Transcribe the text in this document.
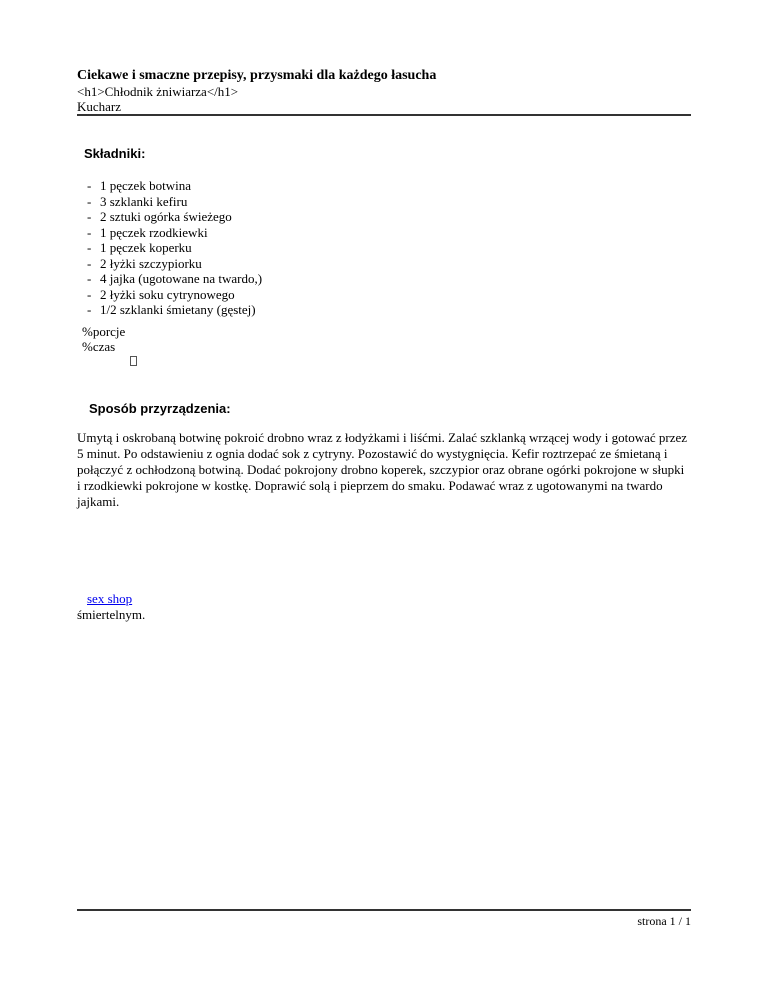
Ciekawe i smaczne przepisy, przysmaki dla każdego łasucha
<h1>Chłodnik żniwiarza</h1>
Kucharz
Składniki:
- 1 pęczek botwina
- 3 szklanki kefiru
- 2 sztuki ogórka świeżego
- 1 pęczek rzodkiewki
- 1 pęczek koperku
- 2 łyżki szczypiorku
- 4 jajka (ugotowane na twardo,)
- 2 łyżki soku cytrynowego
- 1/2 szklanki śmietany (gęstej)
%porcje
%czas
Sposób przyrządzenia:

Umytą i oskrobaną botwinę pokroić drobno wraz z łodyżkami i liśćmi. Zalać szklanką wrzącej wody i gotować przez 5 minut. Po odstawieniu z ognia dodać sok z cytryny. Pozostawić do wystygnięcia. Kefir roztrzepać ze śmietaną i połączyć z ochłodzoną botwiną. Dodać pokrojony drobno koperek, szczypior oraz obrane ogórki pokrojone w słupki i rzodkiewki pokrojone w kostkę. Doprawić solą i pieprzem do smaku. Podawać wraz z ugotowanymi na twardo jajkami.

sex shop
śmiertelnym.
strona 1 / 1
